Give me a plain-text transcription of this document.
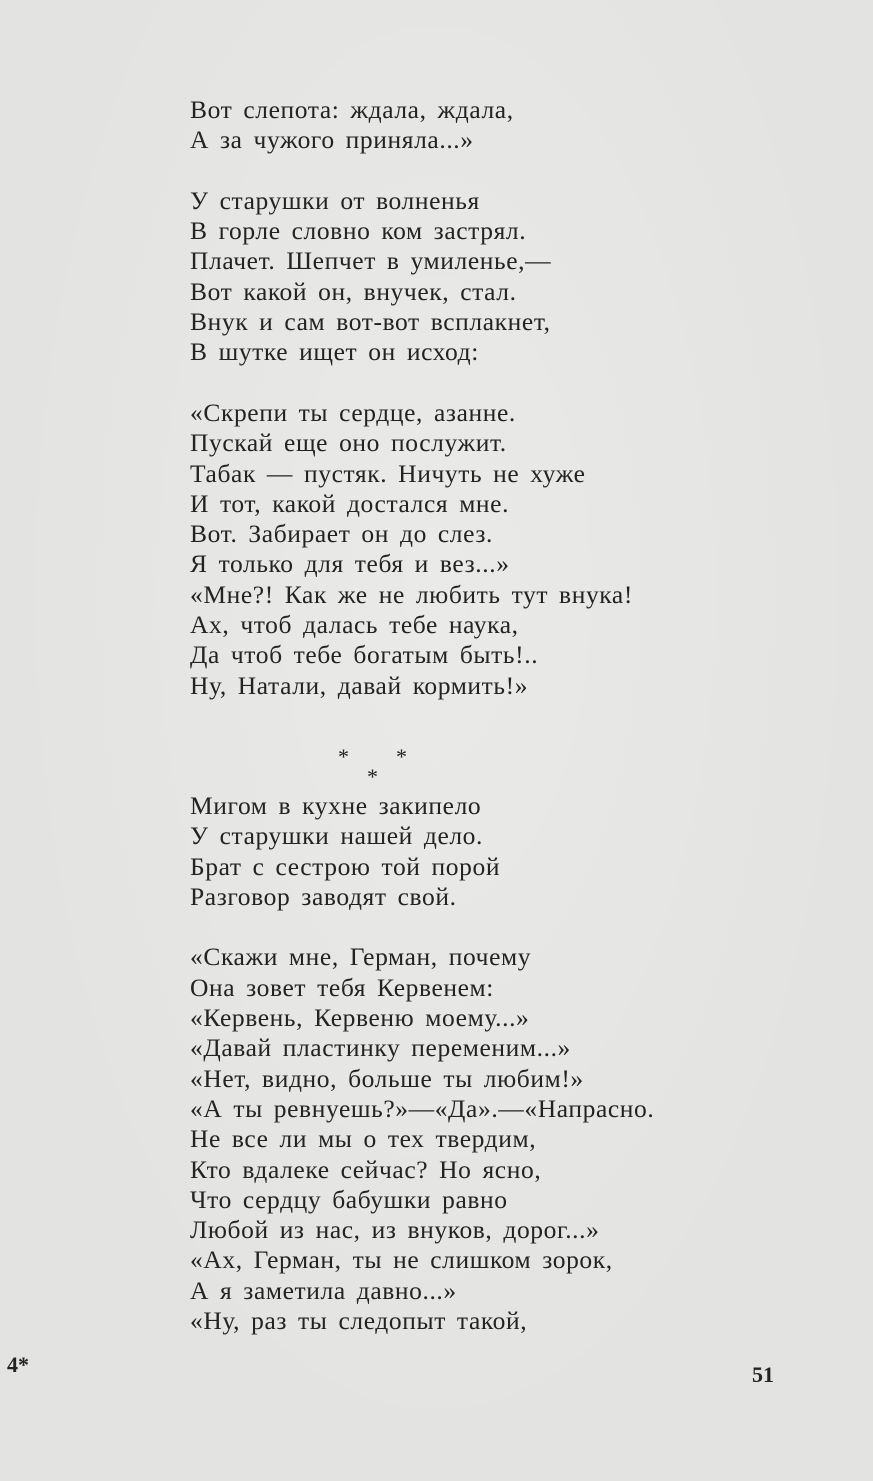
Вот слепота: ждала, ждала,
А за чужого приняла...»
У старушки от волненья
В горле словно ком застрял.
Плачет. Шепчет в умиленье,—
Вот какой он, внучек, стал.
Внук и сам вот-вот всплакнет,
В шутке ищет он исход:
«Скрепи ты сердце, азанне.
Пускай еще оно послужит.
Табак — пустяк. Ничуть не хуже
И тот, какой достался мне.
Вот. Забирает он до слез.
Я только для тебя и вез...»
«Мне?! Как же не любить тут внука!
Ах, чтоб далась тебе наука,
Да чтоб тебе богатым быть!..
Ну, Натали, давай кормить!»
* *
*
Мигом в кухне закипело
У старушки нашей дело.
Брат с сестрою той порой
Разговор заводят свой.
«Скажи мне, Герман, почему
Она зовет тебя Кервенем:
«Кервень, Кервеню моему...»
«Давай пластинку переменим...»
«Нет, видно, больше ты любим!»
«А ты ревнуешь?»—«Да».—«Напрасно.
Не все ли мы о тех твердим,
Кто вдалеке сейчас? Но ясно,
Что сердцу бабушки равно
Любой из нас, из внуков, дорог...»
«Ах, Герман, ты не слишком зорок,
А я заметила давно...»
«Ну, раз ты следопыт такой,
4*	51
